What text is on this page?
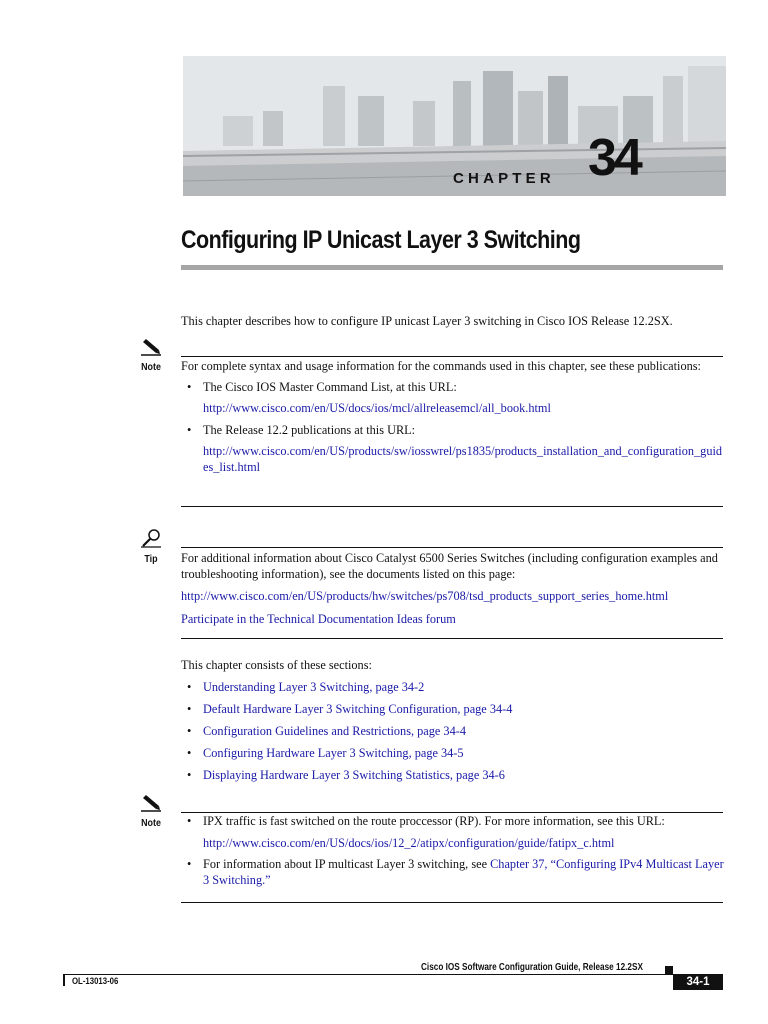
CHAPTER 34
Configuring IP Unicast Layer 3 Switching
This chapter describes how to configure IP unicast Layer 3 switching in Cisco IOS Release 12.2SX.
Note For complete syntax and usage information for the commands used in this chapter, see these publications:
• The Cisco IOS Master Command List, at this URL:
http://www.cisco.com/en/US/docs/ios/mcl/allreleasemcl/all_book.html
• The Release 12.2 publications at this URL:
http://www.cisco.com/en/US/products/sw/iosswrel/ps1835/products_installation_and_configuration_guides_list.html
Tip	For additional information about Cisco Catalyst 6500 Series Switches (including configuration examples and troubleshooting information), see the documents listed on this page:
http://www.cisco.com/en/US/products/hw/switches/ps708/tsd_products_support_series_home.html
Participate in the Technical Documentation Ideas forum
This chapter consists of these sections:
• Understanding Layer 3 Switching, page 34-2
• Default Hardware Layer 3 Switching Configuration, page 34-4
• Configuration Guidelines and Restrictions, page 34-4
• Configuring Hardware Layer 3 Switching, page 34-5
• Displaying Hardware Layer 3 Switching Statistics, page 34-6
Note
•	IPX traffic is fast switched on the route proccessor (RP). For more information, see this URL:
http://www.cisco.com/en/US/docs/ios/12_2/atipx/configuration/guide/fatipx_c.html
• For information about IP multicast Layer 3 switching, see Chapter 37, “Configuring IPv4 Multicast Layer 3 Switching.”
Cisco IOS Software Configuration Guide, Release 12.2SX
OL-13013-06	34-1
